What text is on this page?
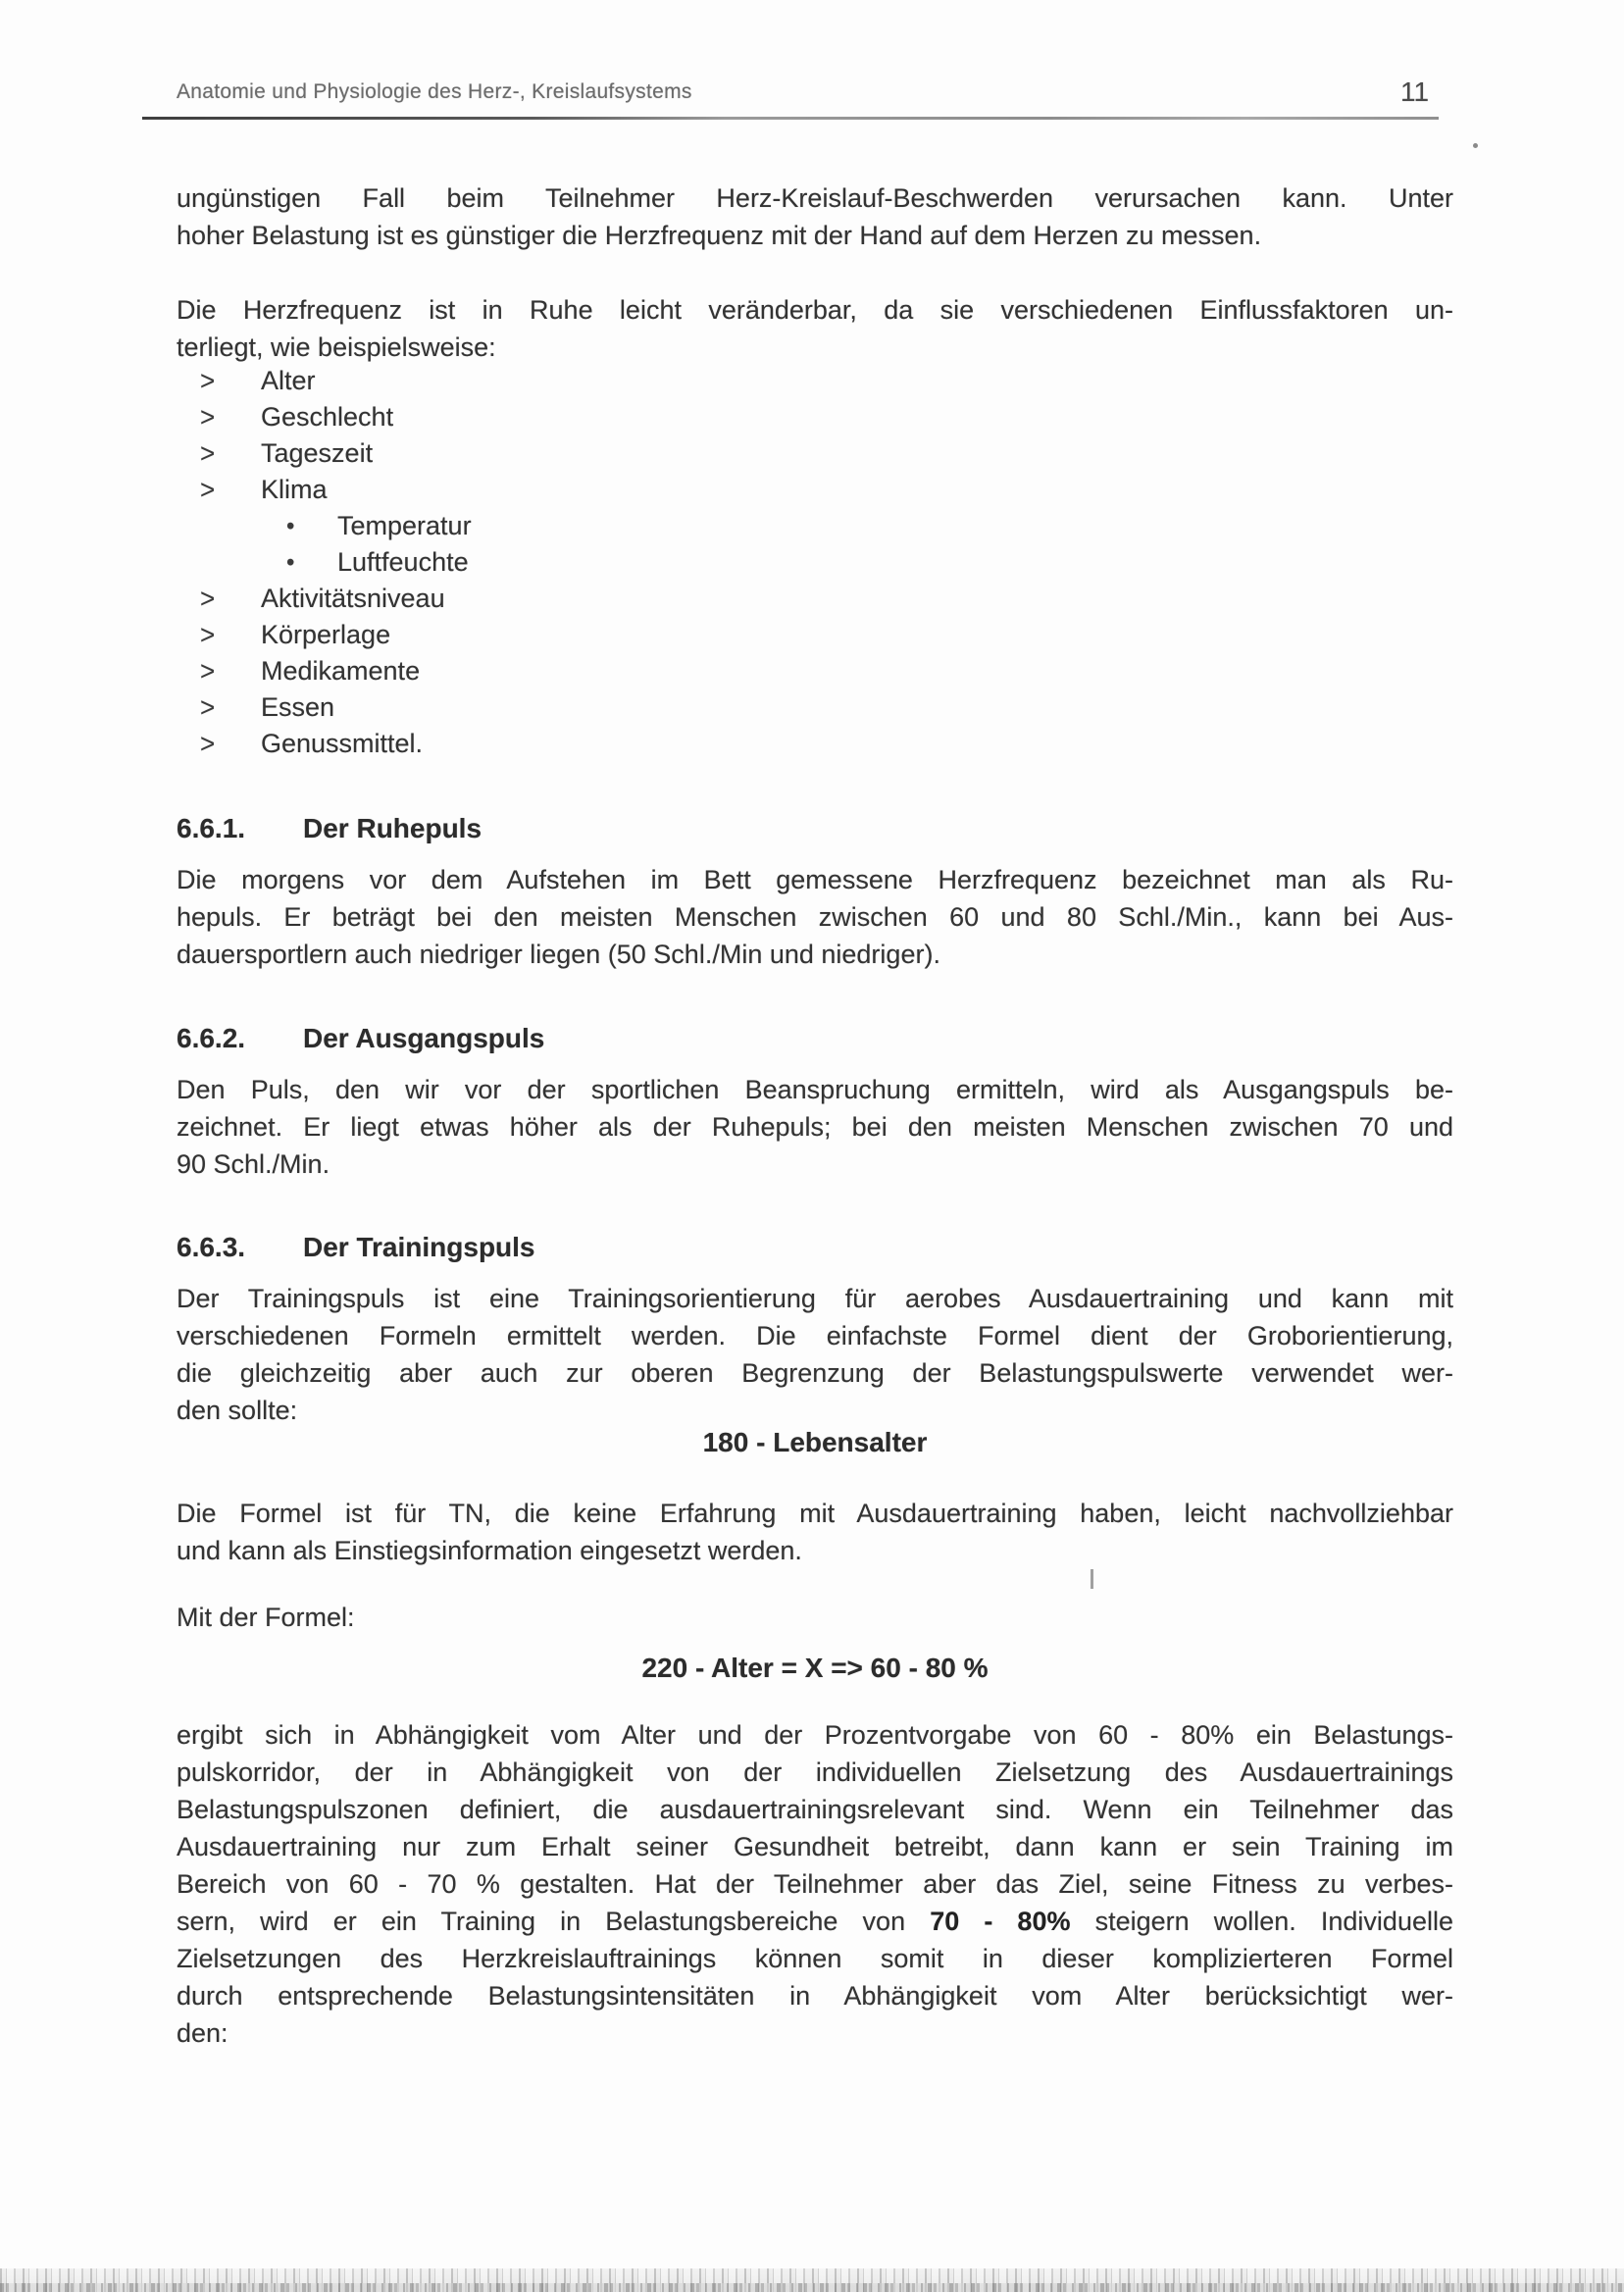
Anatomie und Physiologie des Herz-, Kreislaufsystems	11
ungünstigen Fall beim Teilnehmer Herz-Kreislauf-Beschwerden verursachen kann. Unter
hoher Belastung ist es günstiger die Herzfrequenz mit der Hand auf dem Herzen zu messen.
Die Herzfrequenz ist in Ruhe leicht veränderbar, da sie verschiedenen Einflussfaktoren un-
terliegt, wie beispielsweise:
>	Alter
>	Geschlecht
>	Tageszeit
>	Klima
•	Temperatur
•	Luftfeuchte
>	Aktivitätsniveau
>	Körperlage
>	Medikamente
>	Essen
>	Genussmittel.
6.6.1. Der Ruhepuls
Die morgens vor dem Aufstehen im Bett gemessene Herzfrequenz bezeichnet man als Ru-
hepuls. Er beträgt bei den meisten Menschen zwischen 60 und 80 Schl./Min., kann bei Aus-
dauersportlern auch niedriger liegen (50 Schl./Min und niedriger).
6.6.2. Der Ausgangspuls
Den Puls, den wir vor der sportlichen Beanspruchung ermitteln, wird als Ausgangspuls be-
zeichnet. Er liegt etwas höher als der Ruhepuls; bei den meisten Menschen zwischen 70 und
90 Schl./Min.
6.6.3. Der Trainingspuls
Der Trainingspuls ist eine Trainingsorientierung für aerobes Ausdauertraining und kann mit
verschiedenen Formeln ermittelt werden. Die einfachste Formel dient der Groborientierung,
die gleichzeitig aber auch zur oberen Begrenzung der Belastungspulswerte verwendet wer-
den sollte:
180 - Lebensalter
Die Formel ist für TN, die keine Erfahrung mit Ausdauertraining haben, leicht nachvollziehbar
und kann als Einstiegsinformation eingesetzt werden.
Mit der Formel:
220 - Alter = X => 60 - 80 %
ergibt sich in Abhängigkeit vom Alter und der Prozentvorgabe von 60 - 80% ein Belastungs-
pulskorridor, der in Abhängigkeit von der individuellen Zielsetzung des Ausdauertrainings
Belastungspulszonen definiert, die ausdauertrainingsrelevant sind. Wenn ein Teilnehmer das
Ausdauertraining nur zum Erhalt seiner Gesundheit betreibt, dann kann er sein Training im
Bereich von 60 - 70 % gestalten. Hat der Teilnehmer aber das Ziel, seine Fitness zu verbes-
sern, wird er ein Training in Belastungsbereiche von 70 - 80% steigern wollen. Individuelle
Zielsetzungen des Herzkreislauftrainings können somit in dieser komplizierteren Formel
durch entsprechende Belastungsintensitäten in Abhängigkeit vom Alter berücksichtigt wer-
den:
